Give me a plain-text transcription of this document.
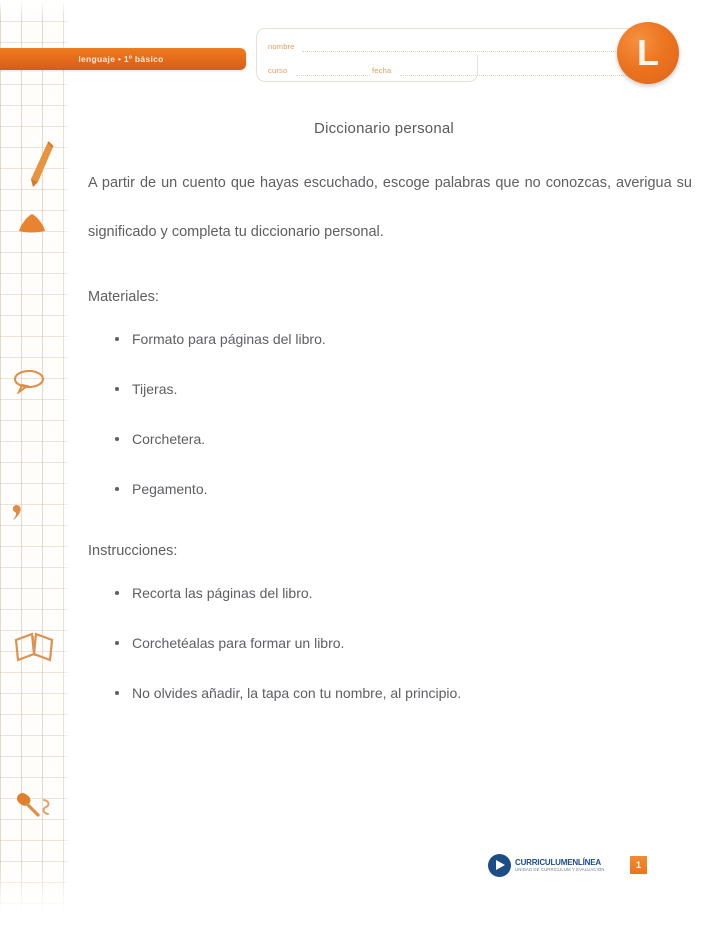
nombre
curso	fecha
lenguaje • 1º básico	L
Diccionario personal

A partir de un cuento que hayas escuchado, escoge palabras que no conozcas, averigua su significado y completa tu diccionario personal.

Materiales:
Formato para páginas del libro.
Tijeras.
Corchetera.
Pegamento.
Instrucciones:
Recorta las páginas del libro.
Corchetéalas para formar un libro.
No olvides añadir, la tapa con tu nombre, al principio.
CURRICULUMENLÍNEA
UNIDAD DE CURRICULUM Y EVALUACIÓN	1
